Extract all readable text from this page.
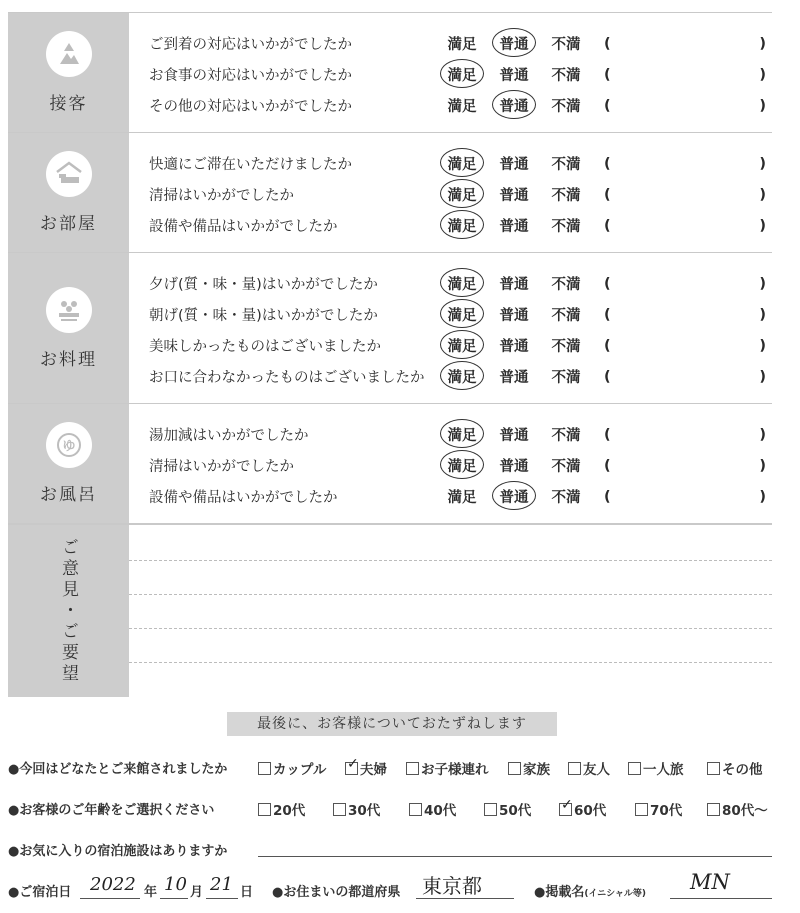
接客
ご到着の対応はいかがでしたか	満足	普通	不満	(	)
お食事の対応はいかがでしたか	満足	普通	不満	(	)
その他の対応はいかがでしたか	満足	普通	不満	(	)
お部屋
快適にご滞在いただけましたか	満足	普通	不満	(	)
清掃はいかがでしたか	満足	普通	不満	(	)
設備や備品はいかがでしたか	満足	普通	不満	(	)
お料理
夕げ(質・味・量)はいかがでしたか	満足	普通	不満	(	)
朝げ(質・味・量)はいかがでしたか	満足	普通	不満	(	)
美味しかったものはございましたか	満足	普通	不満	(	)
お口に合わなかったものはございましたか	満足	普通	不満	(	)
ゆ
お風呂
湯加減はいかがでしたか	満足	普通	不満	(	)
清掃はいかがでしたか	満足	普通	不満	(	)
設備や備品はいかがでしたか	満足	普通	不満	(	)
ご意見・ご要望
最後に、お客様についておたずねします
●今回はどなたとご来館されましたか	カップル ✓	夫婦	お子様連れ	家族	友人	一人旅	その他
●お客様のご年齢をご選択ください	20代	30代	40代	50代 ✓	60代	70代	80代〜
●お気に入りの宿泊施設はありますか
●ご宿泊日 2022 年 10 月 21 日 ●お住まいの都道府県 東京都	●掲載名(イニシャル等) MN
